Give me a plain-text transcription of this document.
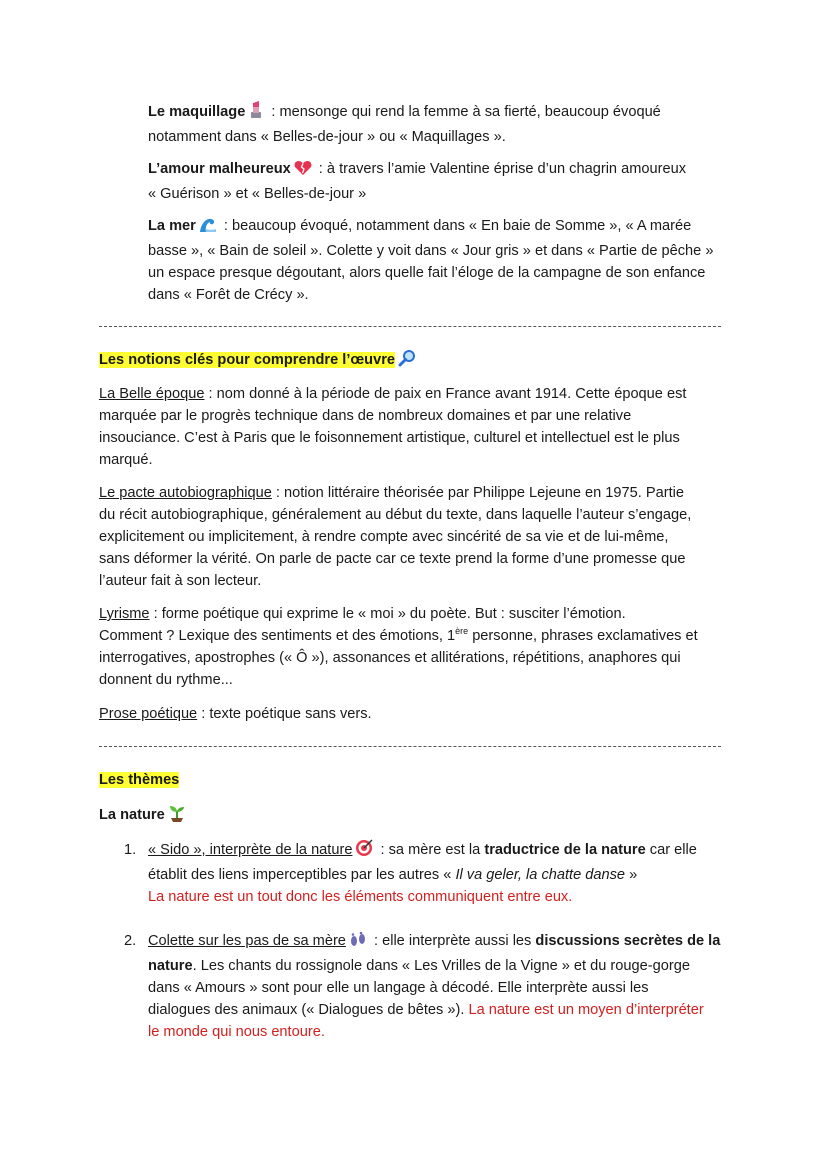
Le maquillage : mensonge qui rend la femme à sa fierté, beaucoup évoqué
notamment dans « Belles-de-jour » ou « Maquillages ».

L’amour malheureux : à travers l’amie Valentine éprise d’un chagrin amoureux
« Guérison » et « Belles-de-jour »

La mer : beaucoup évoqué, notamment dans « En baie de Somme », « A marée
basse », « Bain de soleil ». Colette y voit dans « Jour gris » et dans « Partie de pêche »
un espace presque dégoutant, alors quelle fait l’éloge de la campagne de son enfance
dans « Forêt de Crécy ».

Les notions clés pour comprendre l’œuvre

La Belle époque : nom donné à la période de paix en France avant 1914. Cette époque est
marquée par le progrès technique dans de nombreux domaines et par une relative
insouciance. C’est à Paris que le foisonnement artistique, culturel et intellectuel est le plus
marqué.

Le pacte autobiographique : notion littéraire théorisée par Philippe Lejeune en 1975. Partie
du récit autobiographique, généralement au début du texte, dans laquelle l’auteur s’engage,
explicitement ou implicitement, à rendre compte avec sincérité de sa vie et de lui-même,
sans déformer la vérité. On parle de pacte car ce texte prend la forme d’une promesse que
l’auteur fait à son lecteur.

Lyrisme : forme poétique qui exprime le « moi » du poète. But : susciter l’émotion.
Comment ? Lexique des sentiments et des émotions, 1ère personne, phrases exclamatives et
interrogatives, apostrophes (« Ô »), assonances et allitérations, répétitions, anaphores qui
donnent du rythme...

Prose poétique : texte poétique sans vers.

Les thèmes

La nature

1. « Sido », interprète de la nature : sa mère est la traductrice de la nature car elle
établit des liens imperceptibles par les autres « Il va geler, la chatte danse »
La nature est un tout donc les éléments communiquent entre eux.

2. Colette sur les pas de sa mère : elle interprète aussi les discussions secrètes de la
nature. Les chants du rossignole dans « Les Vrilles de la Vigne » et du rouge-gorge
dans « Amours » sont pour elle un langage à décodé. Elle interprète aussi les
dialogues des animaux (« Dialogues de bêtes »). La nature est un moyen d’interpréter
le monde qui nous entoure.
